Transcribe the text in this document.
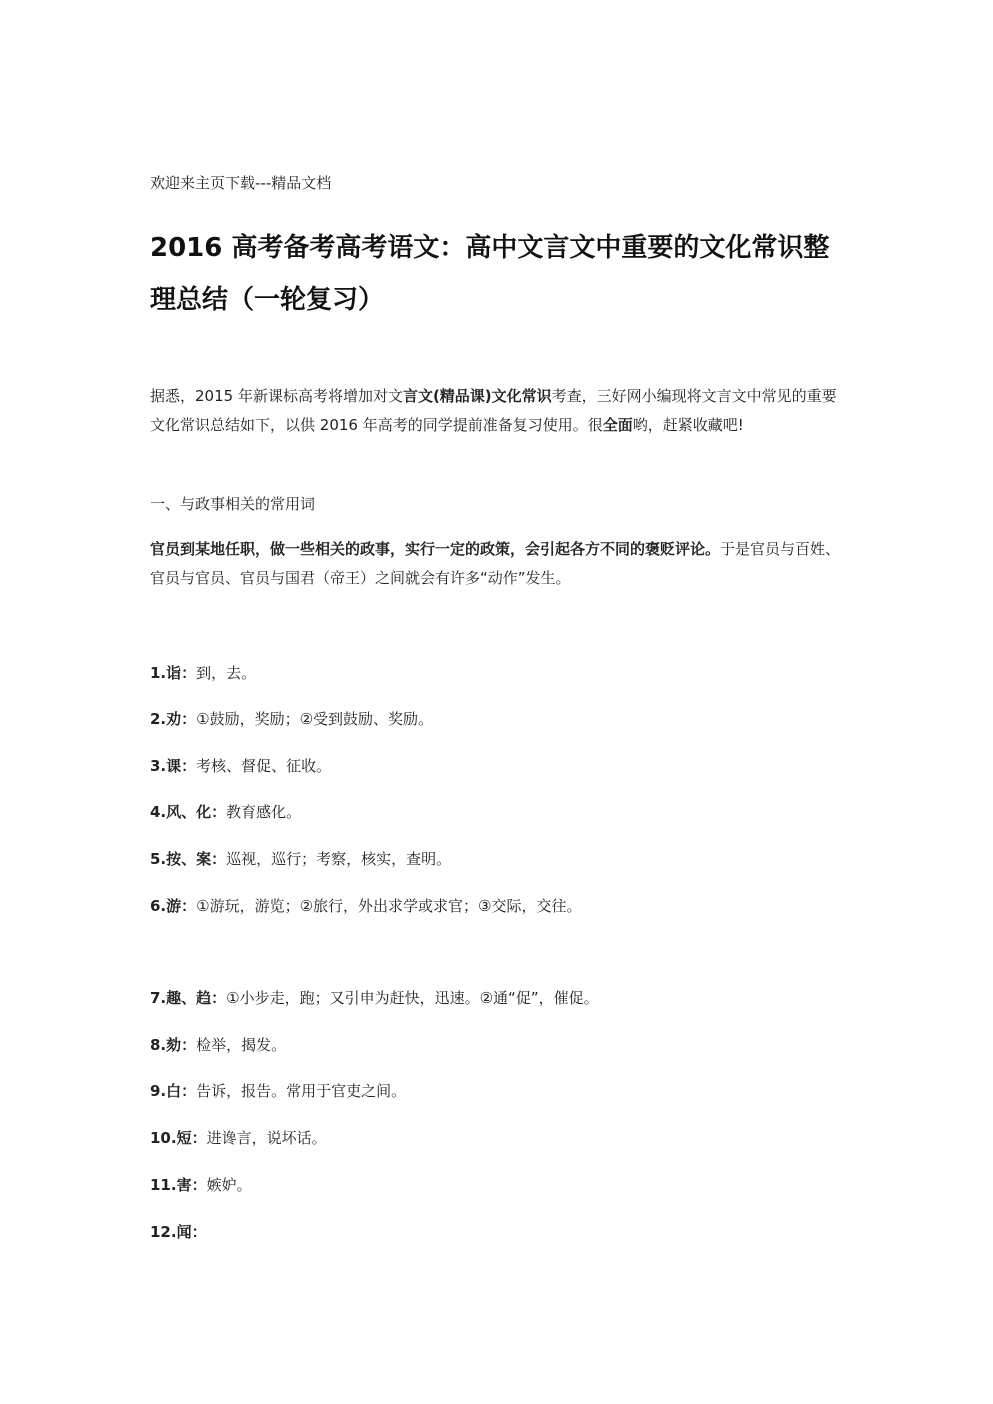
欢迎来主页下载---精品文档
2016 高考备考高考语文：高中文言文中重要的文化常识整理总结（一轮复习）

据悉，2015 年新课标高考将增加对文言文(精品课)文化常识考查，三好网小编现将文言文中常见的重要文化常识总结如下，以供 2016 年高考的同学提前准备复习使用。很全面哟，赶紧收藏吧!

一、与政事相关的常用词

官员到某地任职，做一些相关的政事，实行一定的政策，会引起各方不同的褒贬评论。于是官员与百姓、官员与官员、官员与国君（帝王）之间就会有许多“动作”发生。

1.诣：到，去。

2.劝：①鼓励，奖励；②受到鼓励、奖励。

3.课：考核、督促、征收。

4.风、化：教育感化。

5.按、案：巡视，巡行；考察，核实，查明。

6.游：①游玩，游览；②旅行，外出求学或求官；③交际，交往。

7.趣、趋：①小步走，跑；又引申为赶快，迅速。②通“促”，催促。

8.劾：检举，揭发。

9.白：告诉，报告。常用于官吏之间。

10.短：进谗言，说坏话。

11.害：嫉妒。

12.闻：
